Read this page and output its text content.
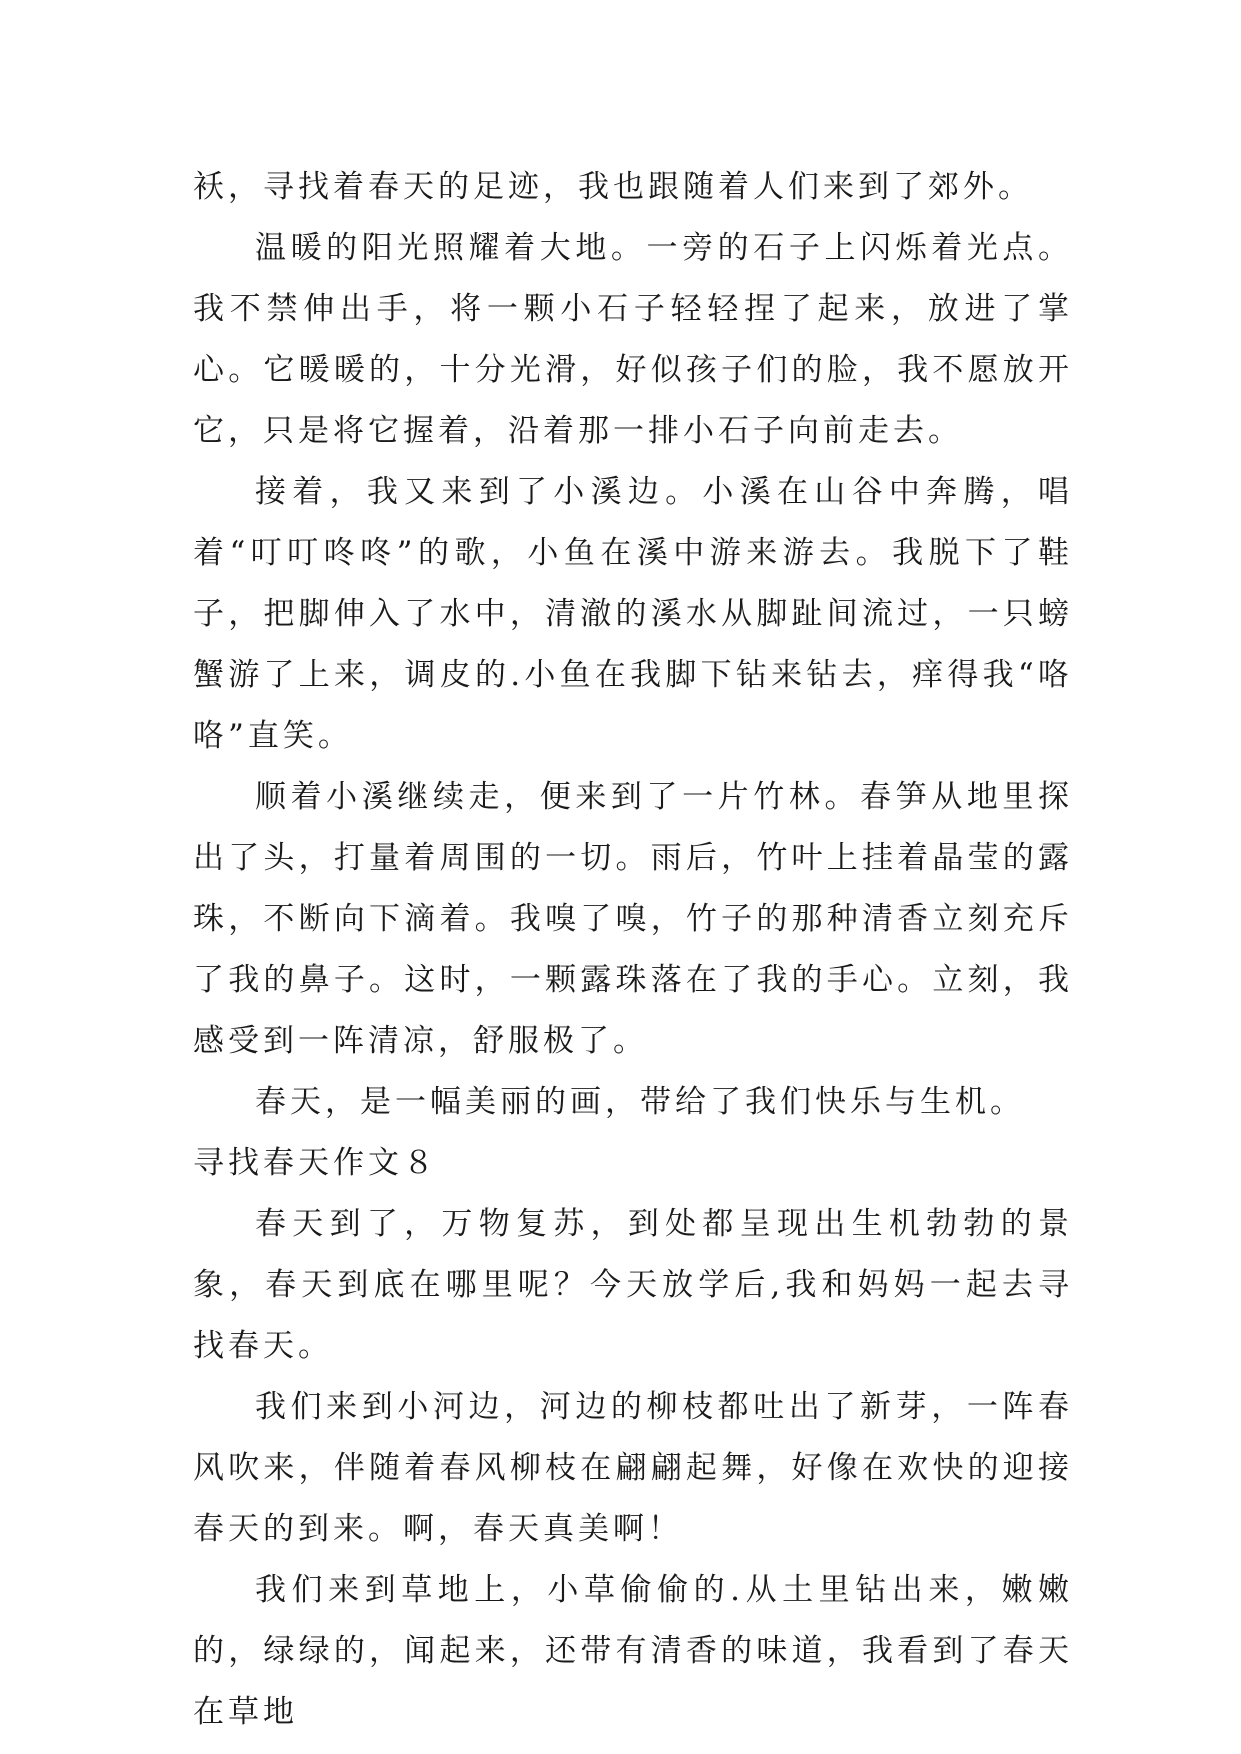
袄，寻找着春天的足迹，我也跟随着人们来到了郊外。

温暖的阳光照耀着大地。一旁的石子上闪烁着光点。我不禁伸出手，将一颗小石子轻轻捏了起来，放进了掌心。它暖暖的，十分光滑，好似孩子们的脸，我不愿放开它，只是将它握着，沿着那一排小石子向前走去。

接着，我又来到了小溪边。小溪在山谷中奔腾，唱着“叮叮咚咚”的歌，小鱼在溪中游来游去。我脱下了鞋子，把脚伸入了水中，清澈的溪水从脚趾间流过，一只螃蟹游了上来，调皮的.小鱼在我脚下钻来钻去，痒得我“咯咯”直笑。

顺着小溪继续走，便来到了一片竹林。春笋从地里探出了头，打量着周围的一切。雨后，竹叶上挂着晶莹的露珠，不断向下滴着。我嗅了嗅，竹子的那种清香立刻充斥了我的鼻子。这时，一颗露珠落在了我的手心。立刻，我感受到一阵清凉，舒服极了。

春天，是一幅美丽的画，带给了我们快乐与生机。

寻找春天作文８

春天到了，万物复苏，到处都呈现出生机勃勃的景象，春天到底在哪里呢？今天放学后,我和妈妈一起去寻找春天。

我们来到小河边，河边的柳枝都吐出了新芽，一阵春风吹来，伴随着春风柳枝在翩翩起舞，好像在欢快的迎接春天的到来。啊，春天真美啊！

我们来到草地上，小草偷偷的.从土里钻出来，嫩嫩的，绿绿的，闻起来，还带有清香的味道，我看到了春天在草地
